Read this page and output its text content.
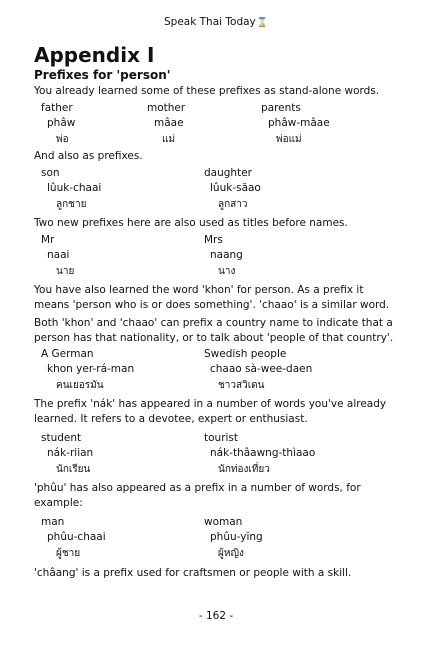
Speak Thai Today⌛
Appendix I
Prefixes for 'person'
You already learned some of these prefixes as stand-alone words.
father
phâw
พ่อ
mother
mâae
แม่
parents
phâw-mâae
พ่อแม่
And also as prefixes.
son
lûuk-chaai
ลูกชาย
daughter
lûuk-săao
ลูกสาว
Two new prefixes here are also used as titles before names.
Mr
naai
นาย
Mrs
naang
นาง
You have also learned the word 'khon' for person. As a prefix it
means 'person who is or does something'. 'chaao' is a similar word.
Both 'khon' and 'chaao' can prefix a country name to indicate that a
person has that nationality, or to talk about 'people of that country'.
A German
khon yer-rá-man
คนเยอรมัน
Swedish people
chaao sà-wee-daen
ชาวสวิเดน
The prefix 'nák' has appeared in a number of words you've already
learned. It refers to a devotee, expert or enthusiast.
student
nák-riian
นักเรียน
tourist
nák-thâawng-thìaao
นักท่องเที่ยว
'phûu' has also appeared as a prefix in a number of words, for
example:
man
phûu-chaai
ผู้ชาย
woman
phûu-yĭng
ผู้หญิง
'châang' is a prefix used for craftsmen or people with a skill.
- 162 -
